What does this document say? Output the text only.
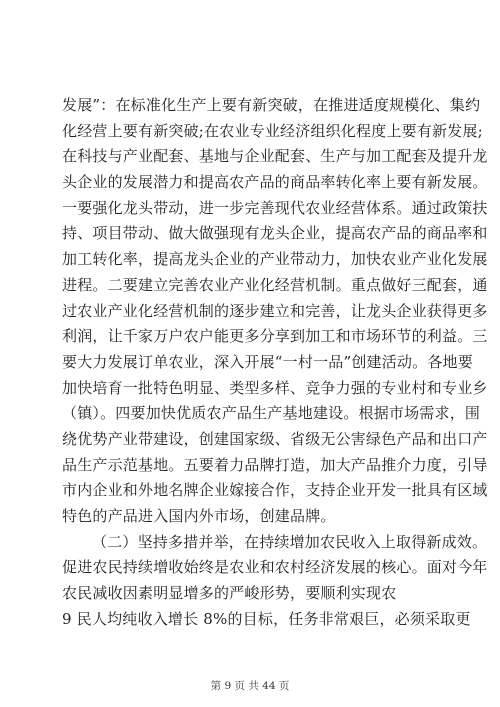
发展”：在标准化生产上要有新突破，在推进适度规模化、集约
化经营上要有新突破;在农业专业经济组织化程度上要有新发展;
在科技与产业配套、基地与企业配套、生产与加工配套及提升龙
头企业的发展潜力和提高农产品的商品率转化率上要有新发展。
一要强化龙头带动，进一步完善现代农业经营体系。通过政策扶
持、项目带动、做大做强现有龙头企业，提高农产品的商品率和
加工转化率，提高龙头企业的产业带动力，加快农业产业化发展
进程。二要建立完善农业产业化经营机制。重点做好三配套，通
过农业产业化经营机制的逐步建立和完善，让龙头企业获得更多
利润，让千家万户农户能更多分享到加工和市场环节的利益。三
要大力发展订单农业，深入开展“一村一品”创建活动。各地要
加快培育一批特色明显、类型多样、竞争力强的专业村和专业乡
（镇）。四要加快优质农产品生产基地建设。根据市场需求，围
绕优势产业带建设，创建国家级、省级无公害绿色产品和出口产
品生产示范基地。五要着力品牌打造，加大产品推介力度，引导
市内企业和外地名牌企业嫁接合作，支持企业开发一批具有区域
特色的产品进入国内外市场，创建品牌。
（二）坚持多措并举，在持续增加农民收入上取得新成效。
促进农民持续增收始终是农业和农村经济发展的核心。面对今年
农民减收因素明显增多的严峻形势，要顺利实现农
9 民人均纯收入增长 8%的目标，任务非常艰巨，必须采取更
第 9 页 共 44 页
